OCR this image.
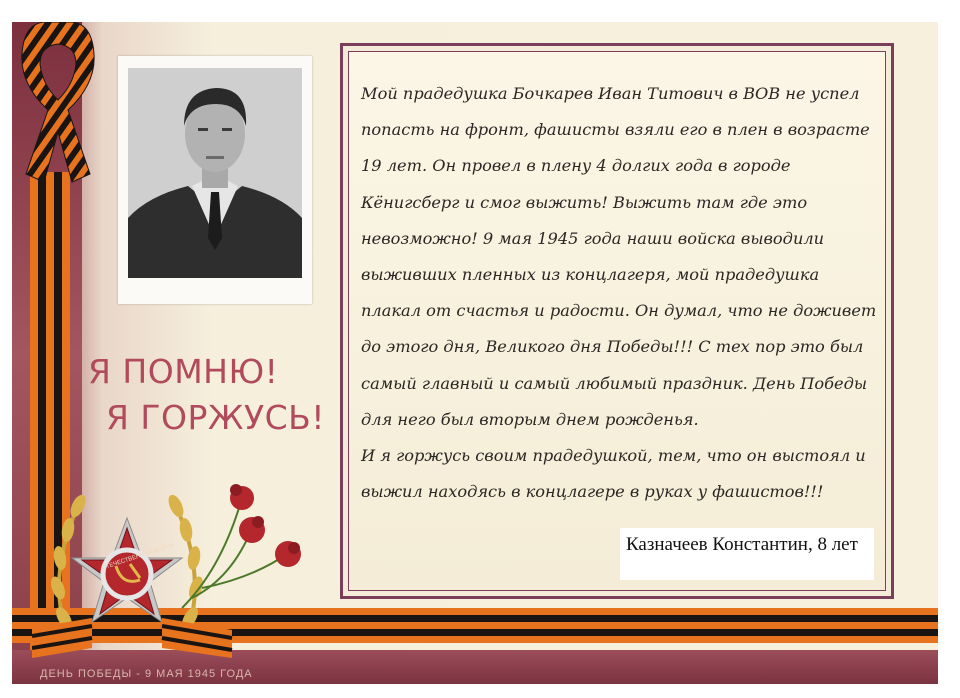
Я ПОМНЮ!
Я ГОРЖУСЬ!
ОТЕЧЕСТВЕННАЯ ВОЙНА

Мой прадедушка Бочкарев Иван Титович в ВОВ не успел попасть на фронт, фашисты взяли его в плен в возрасте 19 лет. Он провел в плену 4 долгих года в городе Кёнигсберг и смог выжить! Выжить там где это невозможно! 9 мая 1945 года наши войска выводили выживших пленных из концлагеря, мой прадедушка плакал от счастья и радости. Он думал, что не доживет до этого дня, Великого дня Победы!!! С тех пор это был самый главный и самый любимый праздник. День Победы для него был вторым днем рожденья.
И я горжусь своим прадедушкой, тем, что он выстоял и выжил находясь в концлагере в руках у фашистов!!!

Казначеев Константин, 8 лет
ДЕНЬ ПОБЕДЫ - 9 МАЯ 1945 ГОДА
